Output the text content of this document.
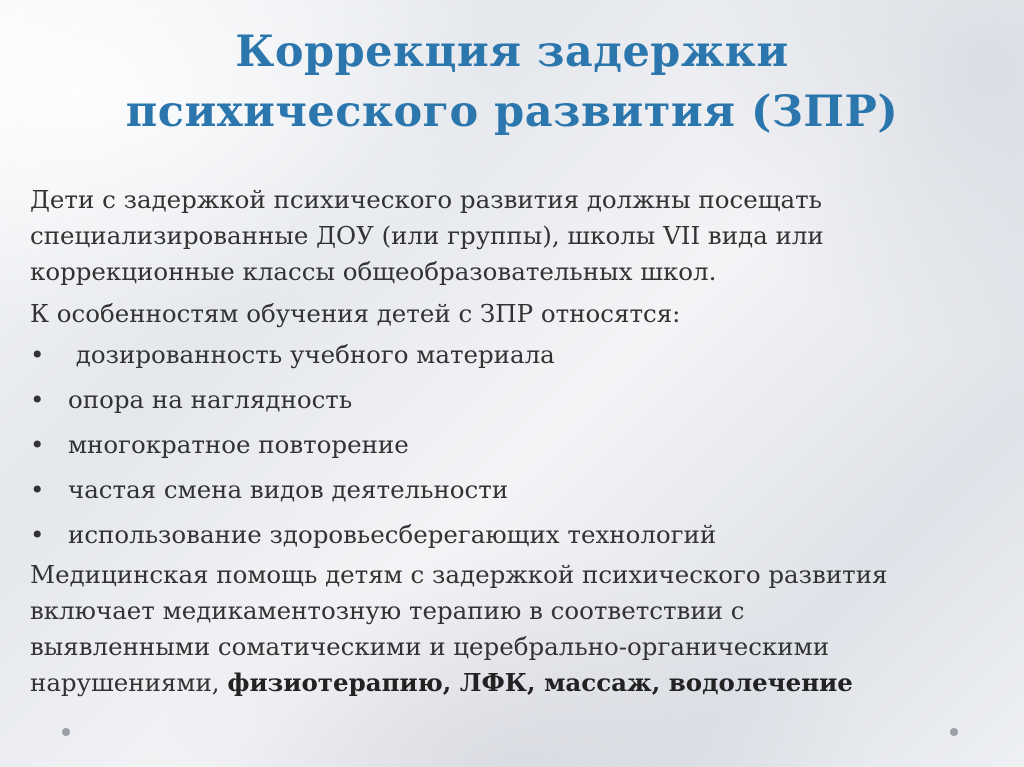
Коррекция задержки
психического развития (ЗПР)

Дети с задержкой психического развития должны посещать
специализированные ДОУ (или группы), школы VII вида или
коррекционные классы общеобразовательных школ.

К особенностям обучения детей с ЗПР относятся:

• дозированность учебного материала
• опора на наглядность
• многократное повторение
• частая смена видов деятельности
• использование здоровьесберегающих технологий

Медицинская помощь детям с задержкой психического развития
включает медикаментозную терапию в соответствии с
выявленными соматическими и церебрально-органическими
нарушениями, физиотерапию, ЛФК, массаж, водолечение
